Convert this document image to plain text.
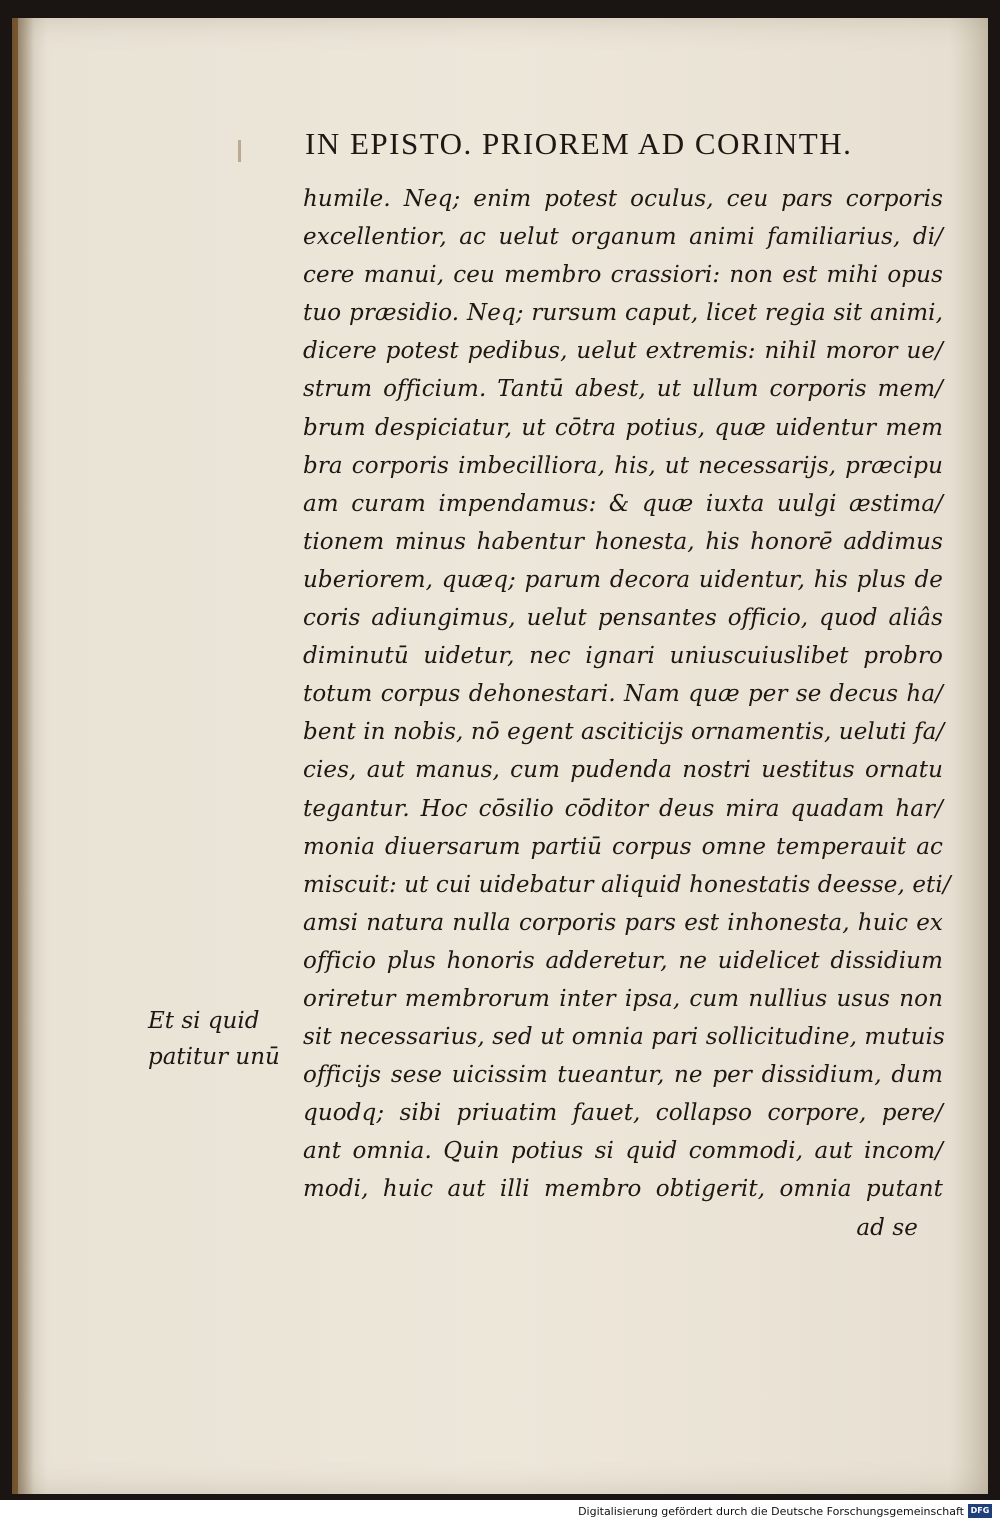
IN EPISTO. PRIOREM AD CORINTH.
humile. Neq; enim potest oculus, ceu pars corporis
excellentior, ac uelut organum animi familiarius, di/
cere manui, ceu membro crassiori: non est mihi opus
tuo præsidio. Neq; rursum caput, licet regia sit animi,
dicere potest pedibus, uelut extremis: nihil moror ue/
strum officium. Tantū abest, ut ullum corporis mem/
brum despiciatur, ut cōtra potius, quæ uidentur mem
bra corporis imbecilliora, his, ut necessarijs, præcipu
am curam impendamus: & quæ iuxta uulgi æstima/
tionem minus habentur honesta, his honorē addimus
uberiorem, quæq; parum decora uidentur, his plus de
coris adiungimus, uelut pensantes officio, quod aliâs
diminutū uidetur, nec ignari uniuscuiuslibet probro
totum corpus dehonestari. Nam quæ per se decus ha/
bent in nobis, nō egent asciticijs ornamentis, ueluti fa/
cies, aut manus, cum pudenda nostri uestitus ornatu
tegantur. Hoc cōsilio cōditor deus mira quadam har/
monia diuersarum partiū corpus omne temperauit ac
miscuit: ut cui uidebatur aliquid honestatis deesse, eti/
amsi natura nulla corporis pars est inhonesta, huic ex
officio plus honoris adderetur, ne uidelicet dissidium
oriretur membrorum inter ipsa, cum nullius usus non
sit necessarius, sed ut omnia pari sollicitudine, mutuis
officijs sese uicissim tueantur, ne per dissidium, dum
quodq; sibi priuatim fauet, collapso corpore, pere/
ant omnia. Quin potius si quid commodi, aut incom/
modi, huic aut illi membro obtigerit, omnia putant
ad se
Et si quid
patitur unū
Digitalisierung gefördert durch die Deutsche Forschungsgemeinschaft DFG
